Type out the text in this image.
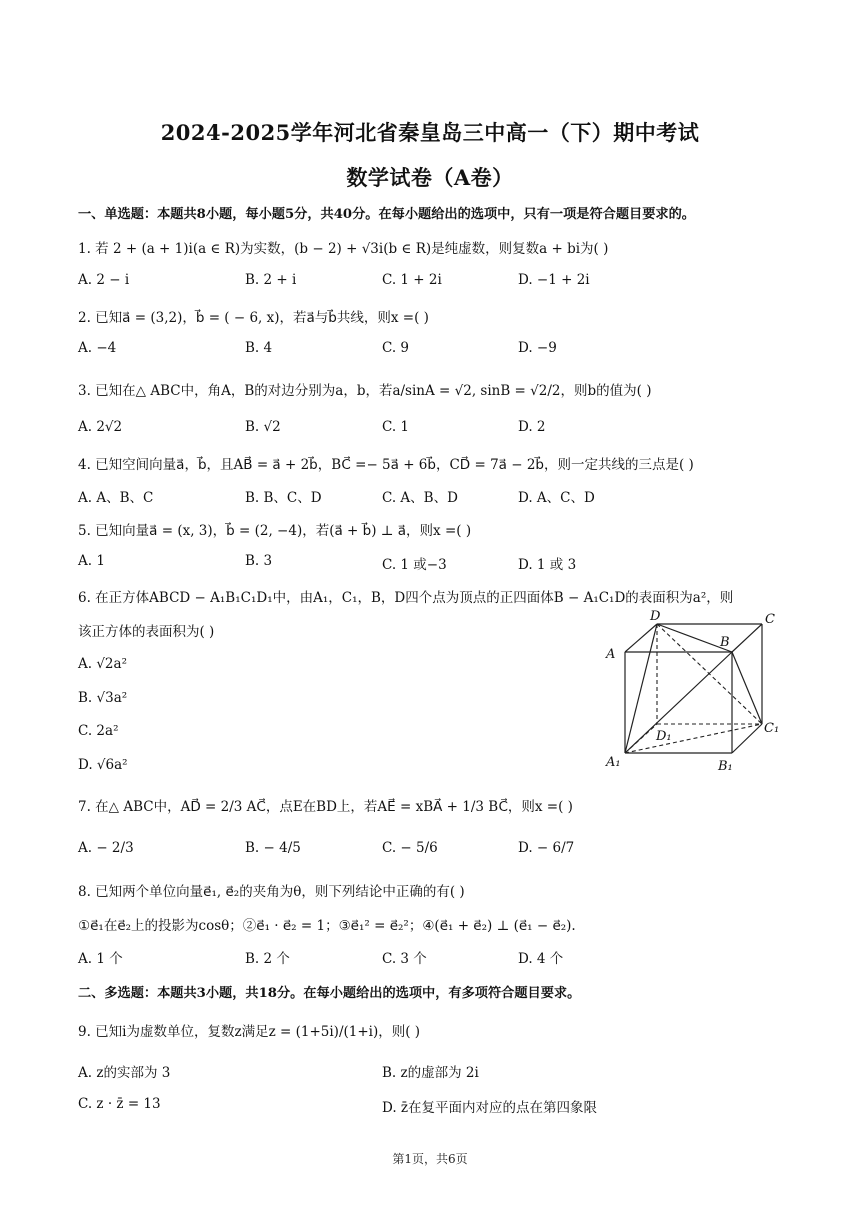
2024-2025学年河北省秦皇岛三中高一（下）期中考试
数学试卷（A卷）
一、单选题：本题共8小题，每小题5分，共40分。在每小题给出的选项中，只有一项是符合题目要求的。
1. 若 2 + (a + 1)i(a ∈ R)为实数，(b − 2) + √3i(b ∈ R)是纯虚数，则复数a + bi为( )
A. 2 − i	B. 2 + i	C. 1 + 2i	D. −1 + 2i
2. 已知a⃗ = (3,2)，b⃗ = ( − 6, x)，若a⃗与b⃗共线，则x =( )
A. −4	B. 4	C. 9	D. −9
3. 已知在△ ABC中，角A，B的对边分别为a，b，若a/sinA = √2, sinB = √2/2，则b的值为( )
A. 2√2	B. √2	C. 1	D. 2
4. 已知空间向量a⃗，b⃗，且AB⃗ = a⃗ + 2b⃗，BC⃗ =− 5a⃗ + 6b⃗，CD⃗ = 7a⃗ − 2b⃗，则一定共线的三点是( )
A. A、B、C	B. B、C、D	C. A、B、D	D. A、C、D
5. 已知向量a⃗ = (x, 3)，b⃗ = (2, −4)，若(a⃗ + b⃗) ⊥ a⃗，则x =( )
A. 1	B. 3	C. 1 或−3	D. 1 或 3
6. 在正方体ABCD − A₁B₁C₁D₁中，由A₁，C₁，B，D四个点为顶点的正四面体B − A₁C₁D的表面积为a²，则
该正方体的表面积为( )
A. √2a²
B. √3a²
C. 2a²
D. √6a²
D	C
B
A
D₁
C₁
A₁	B₁
7. 在△ ABC中，AD⃗ = 2/3 AC⃗，点E在BD上，若AE⃗ = xBA⃗ + 1/3 BC⃗，则x =( )
A. − 2/3	B. − 4/5	C. − 5/6	D. − 6/7
8. 已知两个单位向量e⃗₁, e⃗₂的夹角为θ，则下列结论中正确的有( )
①e⃗₁在e⃗₂上的投影为cosθ；②e⃗₁ · e⃗₂ = 1；③e⃗₁² = e⃗₂²；④(e⃗₁ + e⃗₂) ⊥ (e⃗₁ − e⃗₂).
A. 1 个	B. 2 个	C. 3 个	D. 4 个
二、多选题：本题共3小题，共18分。在每小题给出的选项中，有多项符合题目要求。
9. 已知i为虚数单位，复数z满足z = (1+5i)/(1+i)，则( )
A. z的实部为 3	B. z的虚部为 2i
C. z · z̄ = 13	D. z̄在复平面内对应的点在第四象限
第1页，共6页
